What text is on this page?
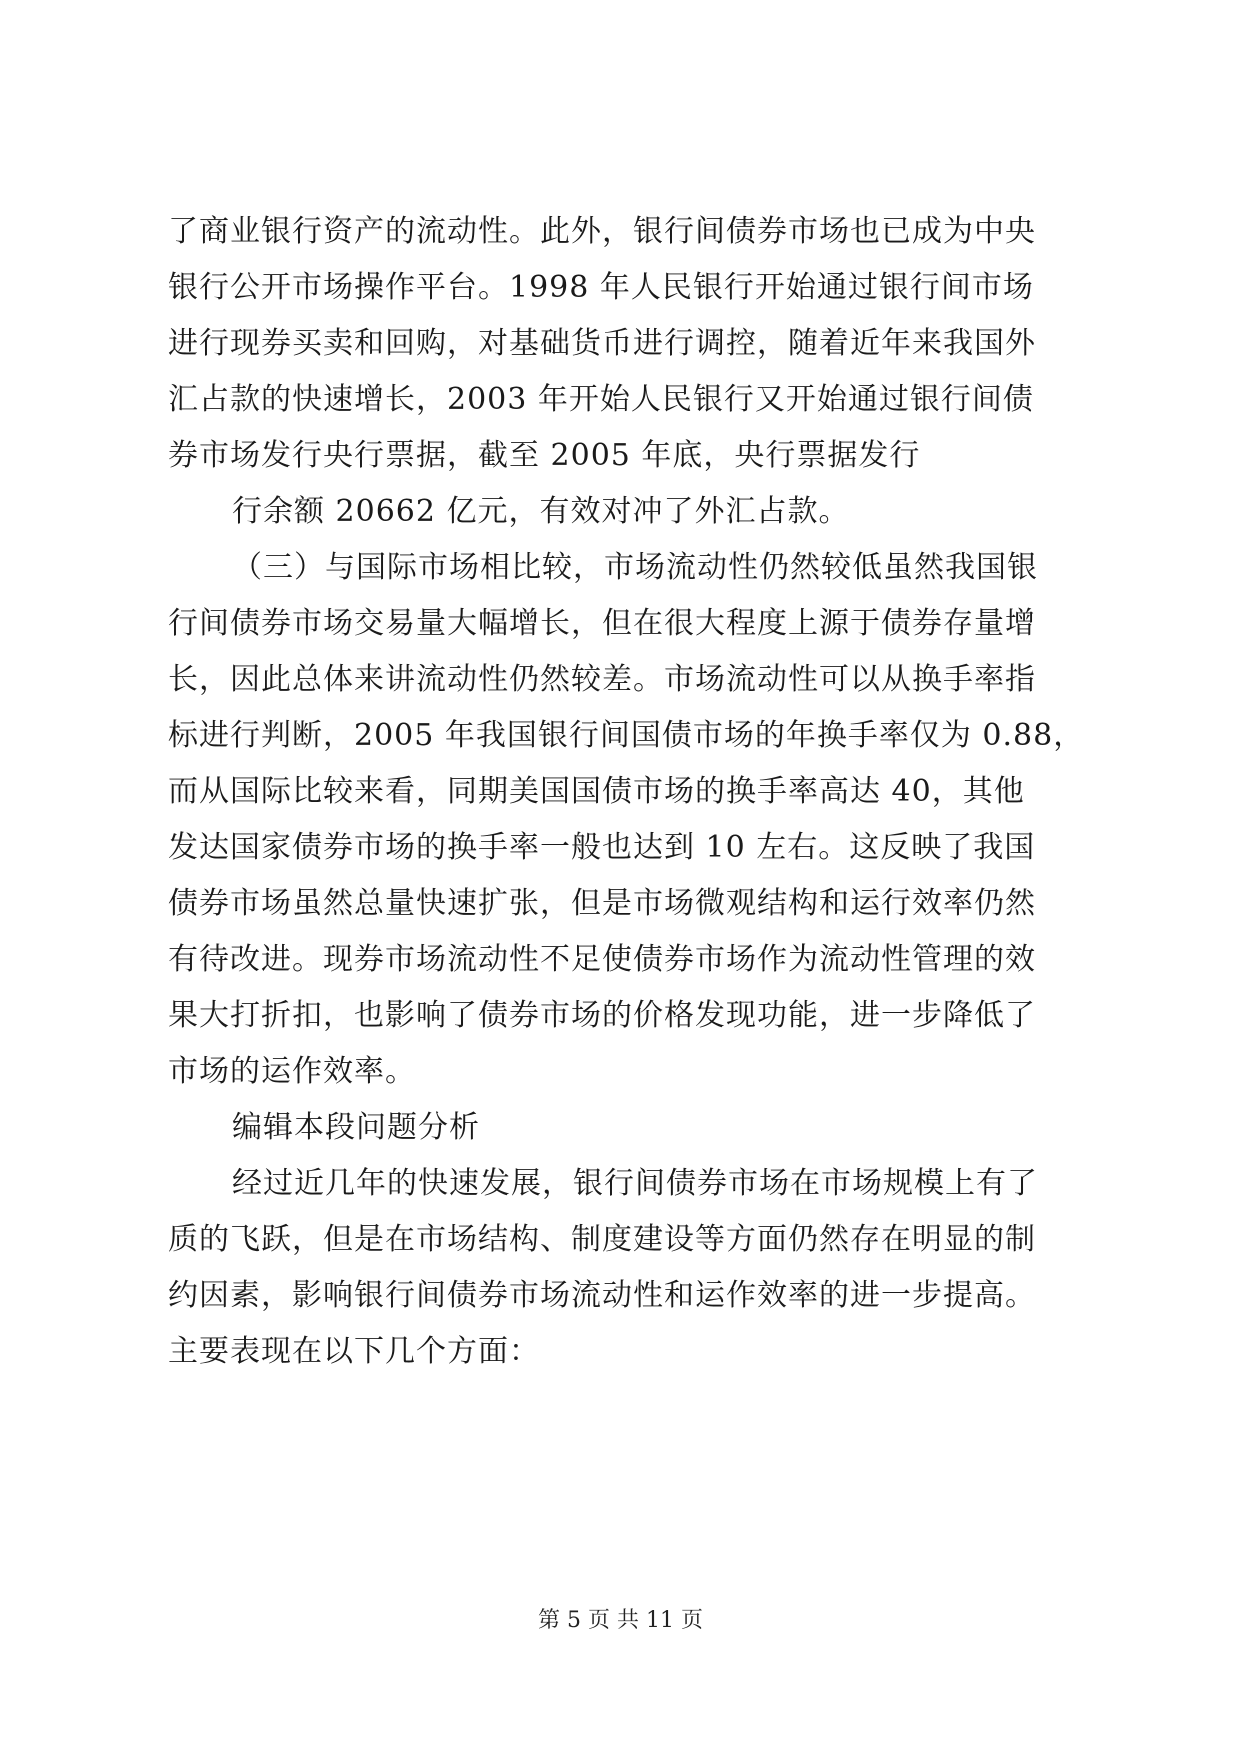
了商业银行资产的流动性。此外，银行间债券市场也已成为中央
银行公开市场操作平台。1998 年人民银行开始通过银行间市场
进行现券买卖和回购，对基础货币进行调控，随着近年来我国外
汇占款的快速增长，2003 年开始人民银行又开始通过银行间债
券市场发行央行票据，截至 2005 年底，央行票据发行
行余额 20662 亿元，有效对冲了外汇占款。
（三）与国际市场相比较，市场流动性仍然较低虽然我国银
行间债券市场交易量大幅增长，但在很大程度上源于债券存量增
长，因此总体来讲流动性仍然较差。市场流动性可以从换手率指
标进行判断，2005 年我国银行间国债市场的年换手率仅为 0.88，
而从国际比较来看，同期美国国债市场的换手率高达 40，其他
发达国家债券市场的换手率一般也达到 10 左右。这反映了我国
债券市场虽然总量快速扩张，但是市场微观结构和运行效率仍然
有待改进。现券市场流动性不足使债券市场作为流动性管理的效
果大打折扣，也影响了债券市场的价格发现功能，进一步降低了
市场的运作效率。
编辑本段问题分析
经过近几年的快速发展，银行间债券市场在市场规模上有了
质的飞跃，但是在市场结构、制度建设等方面仍然存在明显的制
约因素，影响银行间债券市场流动性和运作效率的进一步提高。
主要表现在以下几个方面：
第 5 页 共 11 页
